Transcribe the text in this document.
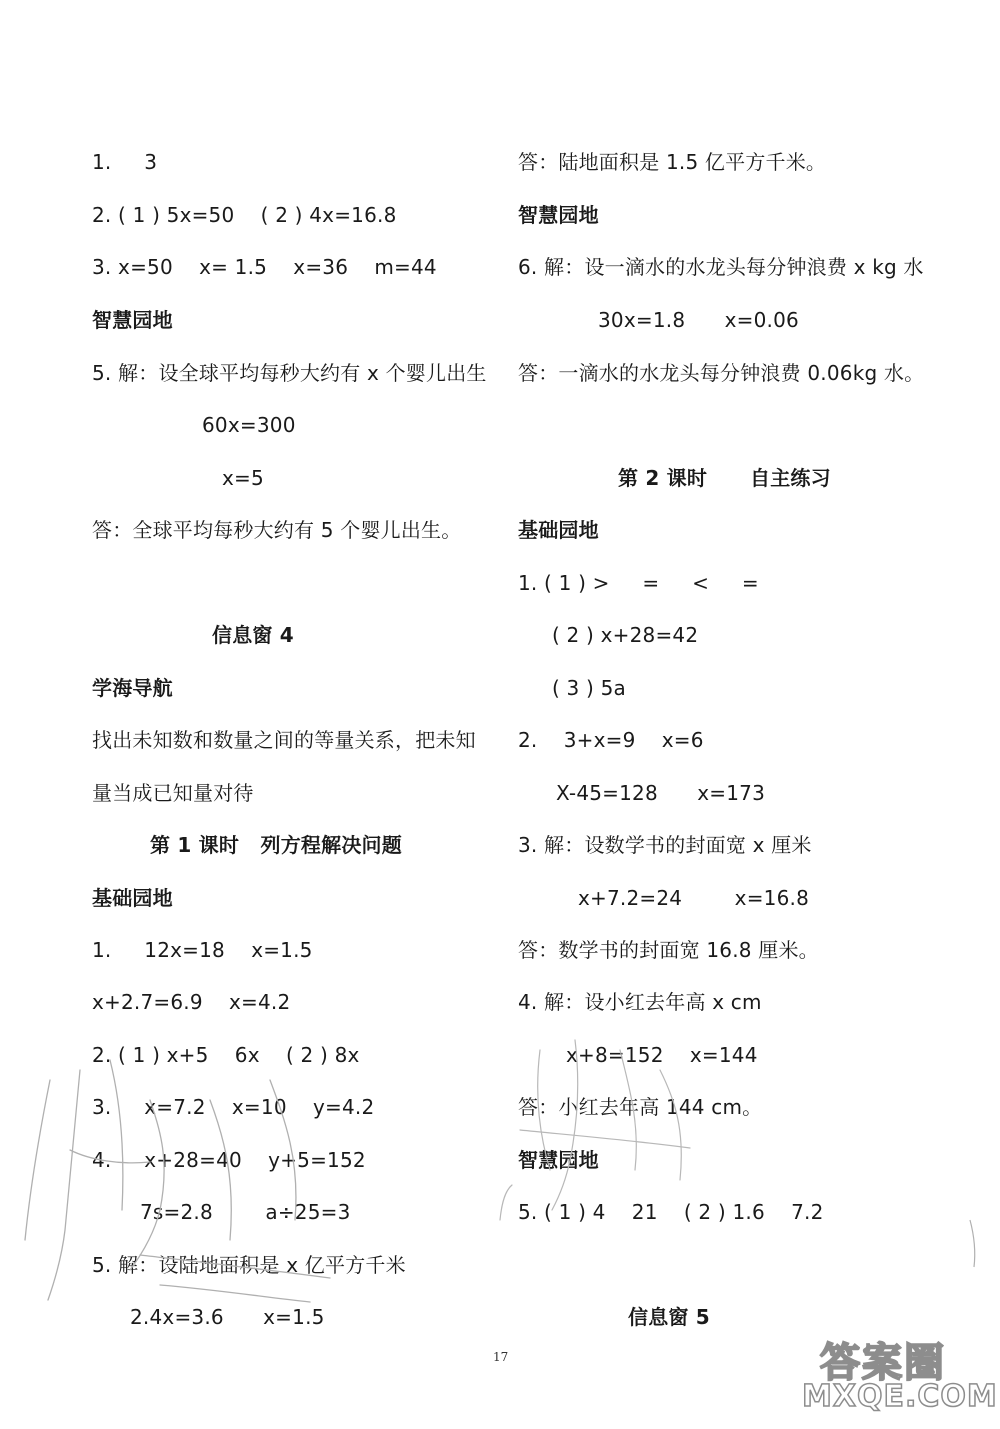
1.     3
2. ( 1 ) 5x=50    ( 2 ) 4x=16.8
3. x=50    x= 1.5    x=36    m=44
智慧园地
5. 解：设全球平均每秒大约有 x 个婴儿出生
60x=300
x=5
答：全球平均每秒大约有 5 个婴儿出生。
信息窗 4
学海导航
找出未知数和数量之间的等量关系，把未知
量当成已知量对待
第 1 课时   列方程解决问题
基础园地
1.     12x=18    x=1.5
x+2.7=6.9    x=4.2
2. ( 1 ) x+5    6x    ( 2 ) 8x
3.     x=7.2    x=10    y=4.2
4.     x+28=40    y+5=152
7s=2.8        a÷25=3
5. 解：设陆地面积是 x 亿平方千米
2.4x=3.6      x=1.5
答：陆地面积是 1.5 亿平方千米。
智慧园地
6. 解：设一滴水的水龙头每分钟浪费 x kg 水
30x=1.8      x=0.06
答：一滴水的水龙头每分钟浪费 0.06kg 水。
第 2 课时      自主练习
基础园地
1. ( 1 ) >     =     <     =
( 2 ) x+28=42
( 3 ) 5a
2.    3+x=9    x=6
X-45=128      x=173
3. 解：设数学书的封面宽 x 厘米
x+7.2=24        x=16.8
答：数学书的封面宽 16.8 厘米。
4. 解：设小红去年高 x cm
x+8=152    x=144
答：小红去年高 144 cm。
智慧园地
5. ( 1 ) 4    21    ( 2 ) 1.6    7.2
信息窗 5
17	答案圈
MXQE.COM
